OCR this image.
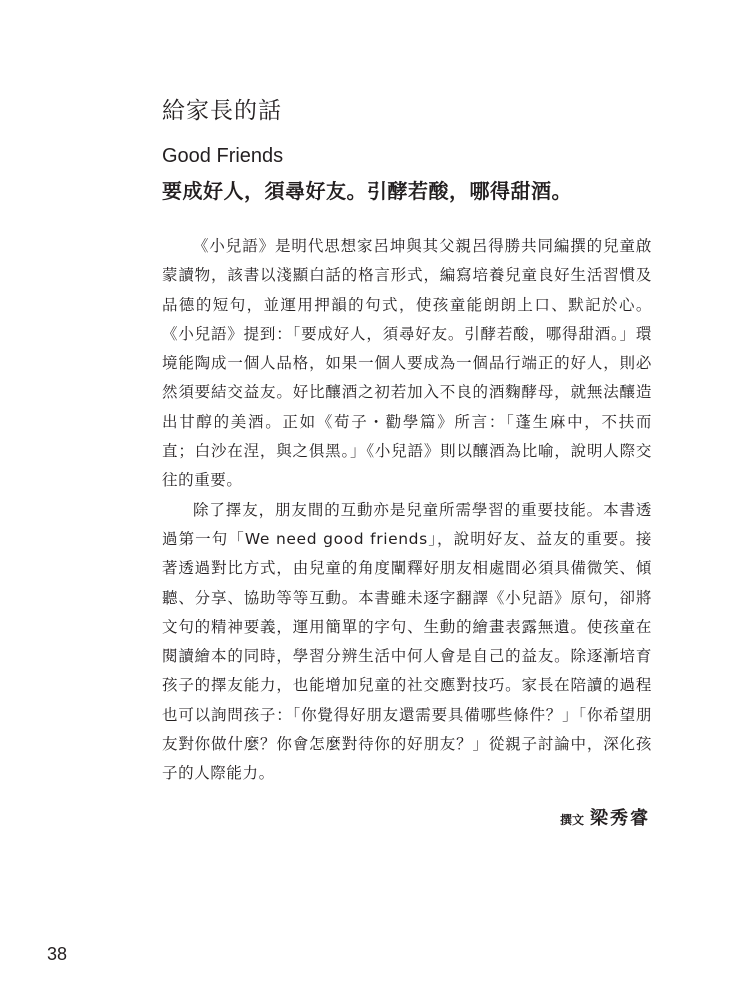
給家長的話
Good Friends
要成好人，須尋好友。引酵若酸，哪得甜酒。

《小兒語》是明代思想家呂坤與其父親呂得勝共同編撰的兒童啟蒙讀物，該書以淺顯白話的格言形式，編寫培養兒童良好生活習慣及品德的短句，並運用押韻的句式，使孩童能朗朗上口、默記於心。《小兒語》提到：「要成好人，須尋好友。引酵若酸，哪得甜酒。」環境能陶成一個人品格，如果一個人要成為一個品行端正的好人，則必然須要結交益友。好比釀酒之初若加入不良的酒麴酵母，就無法釀造出甘醇的美酒。正如《荀子・勸學篇》所言：「蓬生麻中，不扶而直；白沙在涅，與之俱黑。」《小兒語》則以釀酒為比喻，說明人際交往的重要。

除了擇友，朋友間的互動亦是兒童所需學習的重要技能。本書透過第一句「We need good friends」，說明好友、益友的重要。接著透過對比方式，由兒童的角度闡釋好朋友相處間必須具備微笑、傾聽、分享、協助等等互動。本書雖未逐字翻譯《小兒語》原句，卻將文句的精神要義，運用簡單的字句、生動的繪畫表露無遺。使孩童在閱讀繪本的同時，學習分辨生活中何人會是自己的益友。除逐漸培育孩子的擇友能力，也能增加兒童的社交應對技巧。家長在陪讀的過程也可以詢問孩子：「你覺得好朋友還需要具備哪些條件？」「你希望朋友對你做什麼？你會怎麼對待你的好朋友？」從親子討論中，深化孩子的人際能力。

撰文 梁秀睿
38
